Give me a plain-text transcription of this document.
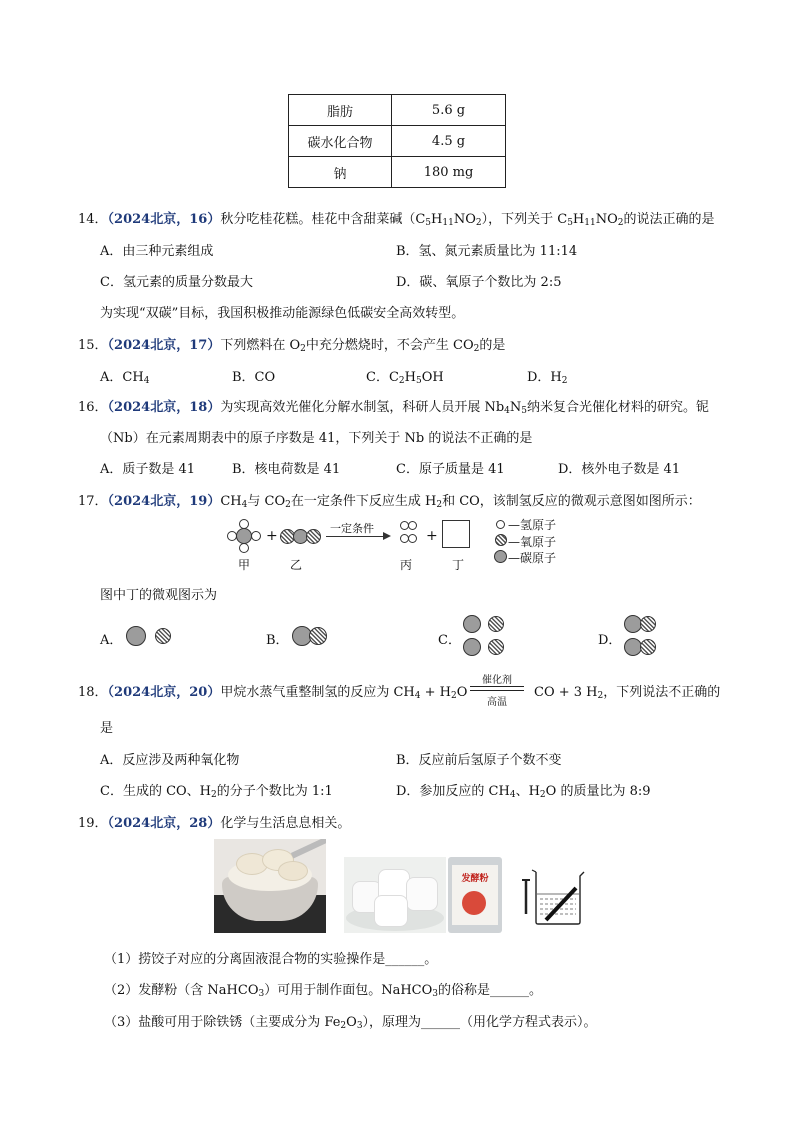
脂肪	5.6 g
碳水化合物	4.5 g
钠	180 mg
14．（2024北京，16）秋分吃桂花糕。桂花中含甜菜碱$(C_5H_{11}NO_2)$，下列关于 $C_5H_{11}NO_2$的说法正确的是
A．由三种元素组成	B．氢、氮元素质量比为 11:14
C．氢元素的质量分数最大	D．碳、氧原子个数比为 2:5
为实现“双碳”目标，我国积极推动能源绿色低碳安全高效转型。
15．（2024北京，17）下列燃料在 $O_2$中充分燃烧时，不会产生 $CO_2$的是
A．$CH_4$	B．CO	C．$C_2H_5OH$	D．$H_2$
16．（2024北京，18）为实现高效光催化分解水制氢，科研人员开展 $Nb_4N_5$纳米复合光催化材料的研究。铌
（Nb）在元素周期表中的原子序数是 41，下列关于 Nb 的说法不正确的是
A．质子数是 41	B．核电荷数是 41	C．原子质量是 41	D．核外电子数是 41
17．（2024北京，$19)CH_4$与 $CO_2$在一定条件下反应生成 $H_2$和 CO，该制氢反应的微观示意图如图所示：
甲
+
乙
一定条件
丙
+
丁
—氢原子
—氧原子
—碳原子
图中丁的微观图示为
A．	B．	C．	D．
18．（2024北京，20）甲烷水蒸气重整制氢的反应为 $CH_4 + H_2O$
催化剂
高温
CO + 3 $H_2$，下列说法不正确的
是
A．反应涉及两种氧化物	B．反应前后氢原子个数不变
C．生成的 CO、$H_2$的分子个数比为 1:1	D．参加反应的 $CH_4$、$H_2O$ 的质量比为 8:9
19．（2024北京，28）化学与生活息息相关。
发酵粉
（1）捞饺子对应的分离固液混合物的实验操作是______。
（2）发酵粉（含 NaHCO$_3$）可用于制作面包。NaHCO$_3$的俗称是______。
（3）盐酸可用于除铁锈（主要成分为 $Fe_2O_3$），原理为______（用化学方程式表示）。
